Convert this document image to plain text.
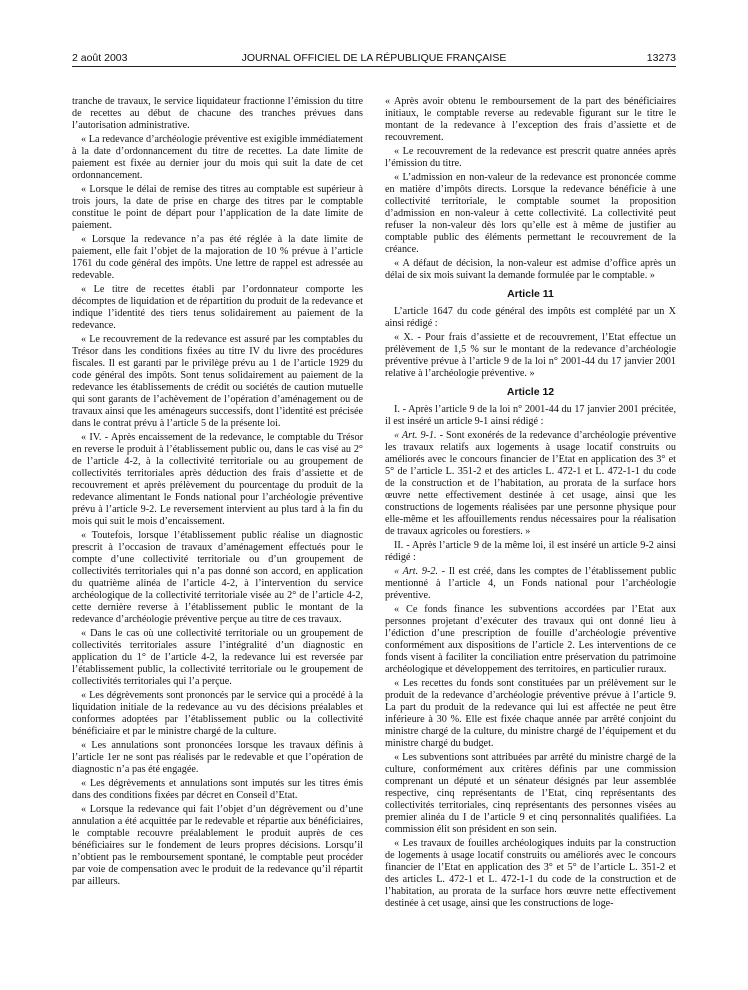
2 août 2003	JOURNAL OFFICIEL DE LA RÉPUBLIQUE FRANÇAISE	13273

tranche de travaux, le service liquidateur fractionne l’émission du titre de recettes au début de chacune des tranches prévues dans l’autorisation administrative.

« La redevance d’archéologie préventive est exigible immédiatement à la date d’ordonnancement du titre de recettes. La date limite de paiement est fixée au dernier jour du mois qui suit la date de cet ordonnancement.

« Lorsque le délai de remise des titres au comptable est supérieur à trois jours, la date de prise en charge des titres par le comptable constitue le point de départ pour l’application de la date limite de paiement.

« Lorsque la redevance n’a pas été réglée à la date limite de paiement, elle fait l’objet de la majoration de 10 % prévue à l’article 1761 du code général des impôts. Une lettre de rappel est adressée au redevable.

« Le titre de recettes établi par l’ordonnateur comporte les décomptes de liquidation et de répartition du produit de la redevance et indique l’identité des tiers tenus solidairement au paiement de la redevance.

« Le recouvrement de la redevance est assuré par les comptables du Trésor dans les conditions fixées au titre IV du livre des procédures fiscales. Il est garanti par le privilège prévu au 1 de l’article 1929 du code général des impôts. Sont tenus solidairement au paiement de la redevance les établissements de crédit ou sociétés de caution mutuelle qui sont garants de l’achèvement de l’opération d’aménagement ou de travaux ainsi que les aménageurs successifs, dont l’identité est précisée dans le contrat prévu à l’article 5 de la présente loi.

« IV. - Après encaissement de la redevance, le comptable du Trésor en reverse le produit à l’établissement public ou, dans le cas visé au 2° de l’article 4-2, à la collectivité territoriale ou au groupement de collectivités territoriales après déduction des frais d’assiette et de recouvrement et après prélèvement du pourcentage du produit de la redevance alimentant le Fonds national pour l’archéologie préventive prévu à l’article 9-2. Le reversement intervient au plus tard à la fin du mois qui suit le mois d’encaissement.

« Toutefois, lorsque l’établissement public réalise un diagnostic prescrit à l’occasion de travaux d’aménagement effectués pour le compte d’une collectivité territoriale ou d’un groupement de collectivités territoriales qui n’a pas donné son accord, en application du quatrième alinéa de l’article 4-2, à l’intervention du service archéologique de la collectivité territoriale visée au 2° de l’article 4-2, cette dernière reverse à l’établissement public le montant de la redevance d’archéologie préventive perçue au titre de ces travaux.

« Dans le cas où une collectivité territoriale ou un groupement de collectivités territoriales assure l’intégralité d’un diagnostic en application du 1° de l’article 4-2, la redevance lui est reversée par l’établissement public, la collectivité territoriale ou le groupement de collectivités territoriales qui l’a perçue.

« Les dégrèvements sont prononcés par le service qui a procédé à la liquidation initiale de la redevance au vu des décisions préalables et conformes adoptées par l’établissement public ou la collectivité bénéficiaire et par le ministre chargé de la culture.

« Les annulations sont prononcées lorsque les travaux définis à l’article 1er ne sont pas réalisés par le redevable et que l’opération de diagnostic n’a pas été engagée.

« Les dégrèvements et annulations sont imputés sur les titres émis dans des conditions fixées par décret en Conseil d’Etat.

« Lorsque la redevance qui fait l’objet d’un dégrèvement ou d’une annulation a été acquittée par le redevable et répartie aux bénéficiaires, le comptable recouvre préalablement le produit auprès de ces bénéficiaires sur le fondement de leurs propres décisions. Lorsqu’il n’obtient pas le remboursement spontané, le comptable peut procéder par voie de compensation avec le produit de la redevance qu’il répartit par ailleurs.

« Après avoir obtenu le remboursement de la part des bénéficiaires initiaux, le comptable reverse au redevable figurant sur le titre le montant de la redevance à l’exception des frais d’assiette et de recouvrement.

« Le recouvrement de la redevance est prescrit quatre années après l’émission du titre.

« L’admission en non-valeur de la redevance est prononcée comme en matière d’impôts directs. Lorsque la redevance bénéficie à une collectivité territoriale, le comptable soumet la proposition d’admission en non-valeur à cette collectivité. La collectivité peut refuser la non-valeur dès lors qu’elle est à même de justifier au comptable public des éléments permettant le recouvrement de la créance.

« A défaut de décision, la non-valeur est admise d’office après un délai de six mois suivant la demande formulée par le comptable. »

Article 11

L’article 1647 du code général des impôts est complété par un X ainsi rédigé :

« X. - Pour frais d’assiette et de recouvrement, l’Etat effectue un prélèvement de 1,5 % sur le montant de la redevance d’archéologie préventive prévue à l’article 9 de la loi n° 2001-44 du 17 janvier 2001 relative à l’archéologie préventive. »

Article 12

I. - Après l’article 9 de la loi n° 2001-44 du 17 janvier 2001 précitée, il est inséré un article 9-1 ainsi rédigé :

« Art. 9-1. - Sont exonérés de la redevance d’archéologie préventive les travaux relatifs aux logements à usage locatif construits ou améliorés avec le concours financier de l’Etat en application des 3° et 5° de l’article L. 351-2 et des articles L. 472-1 et L. 472-1-1 du code de la construction et de l’habitation, au prorata de la surface hors œuvre nette effectivement destinée à cet usage, ainsi que les constructions de logements réalisées par une personne physique pour elle-même et les affouillements rendus nécessaires pour la réalisation de travaux agricoles ou forestiers. »

II. - Après l’article 9 de la même loi, il est inséré un article 9-2 ainsi rédigé :

« Art. 9-2. - Il est créé, dans les comptes de l’établissement public mentionné à l’article 4, un Fonds national pour l’archéologie préventive.

« Ce fonds finance les subventions accordées par l’Etat aux personnes projetant d’exécuter des travaux qui ont donné lieu à l’édiction d’une prescription de fouille d’archéologie préventive conformément aux dispositions de l’article 2. Les interventions de ce fonds visent à faciliter la conciliation entre préservation du patrimoine archéologique et développement des territoires, en particulier ruraux.

« Les recettes du fonds sont constituées par un prélèvement sur le produit de la redevance d’archéologie préventive prévue à l’article 9. La part du produit de la redevance qui lui est affectée ne peut être inférieure à 30 %. Elle est fixée chaque année par arrêté conjoint du ministre chargé de la culture, du ministre chargé de l’équipement et du ministre chargé du budget.

« Les subventions sont attribuées par arrêté du ministre chargé de la culture, conformément aux critères définis par une commission comprenant un député et un sénateur désignés par leur assemblée respective, cinq représentants de l’Etat, cinq représentants des collectivités territoriales, cinq représentants des personnes visées au premier alinéa du I de l’article 9 et cinq personnalités qualifiées. La commission élit son président en son sein.

« Les travaux de fouilles archéologiques induits par la construction de logements à usage locatif construits ou améliorés avec le concours financier de l’Etat en application des 3° et 5° de l’article L. 351-2 et des articles L. 472-1 et L. 472-1-1 du code de la construction et de l’habitation, au prorata de la surface hors œuvre nette effectivement destinée à cet usage, ainsi que les constructions de loge-
